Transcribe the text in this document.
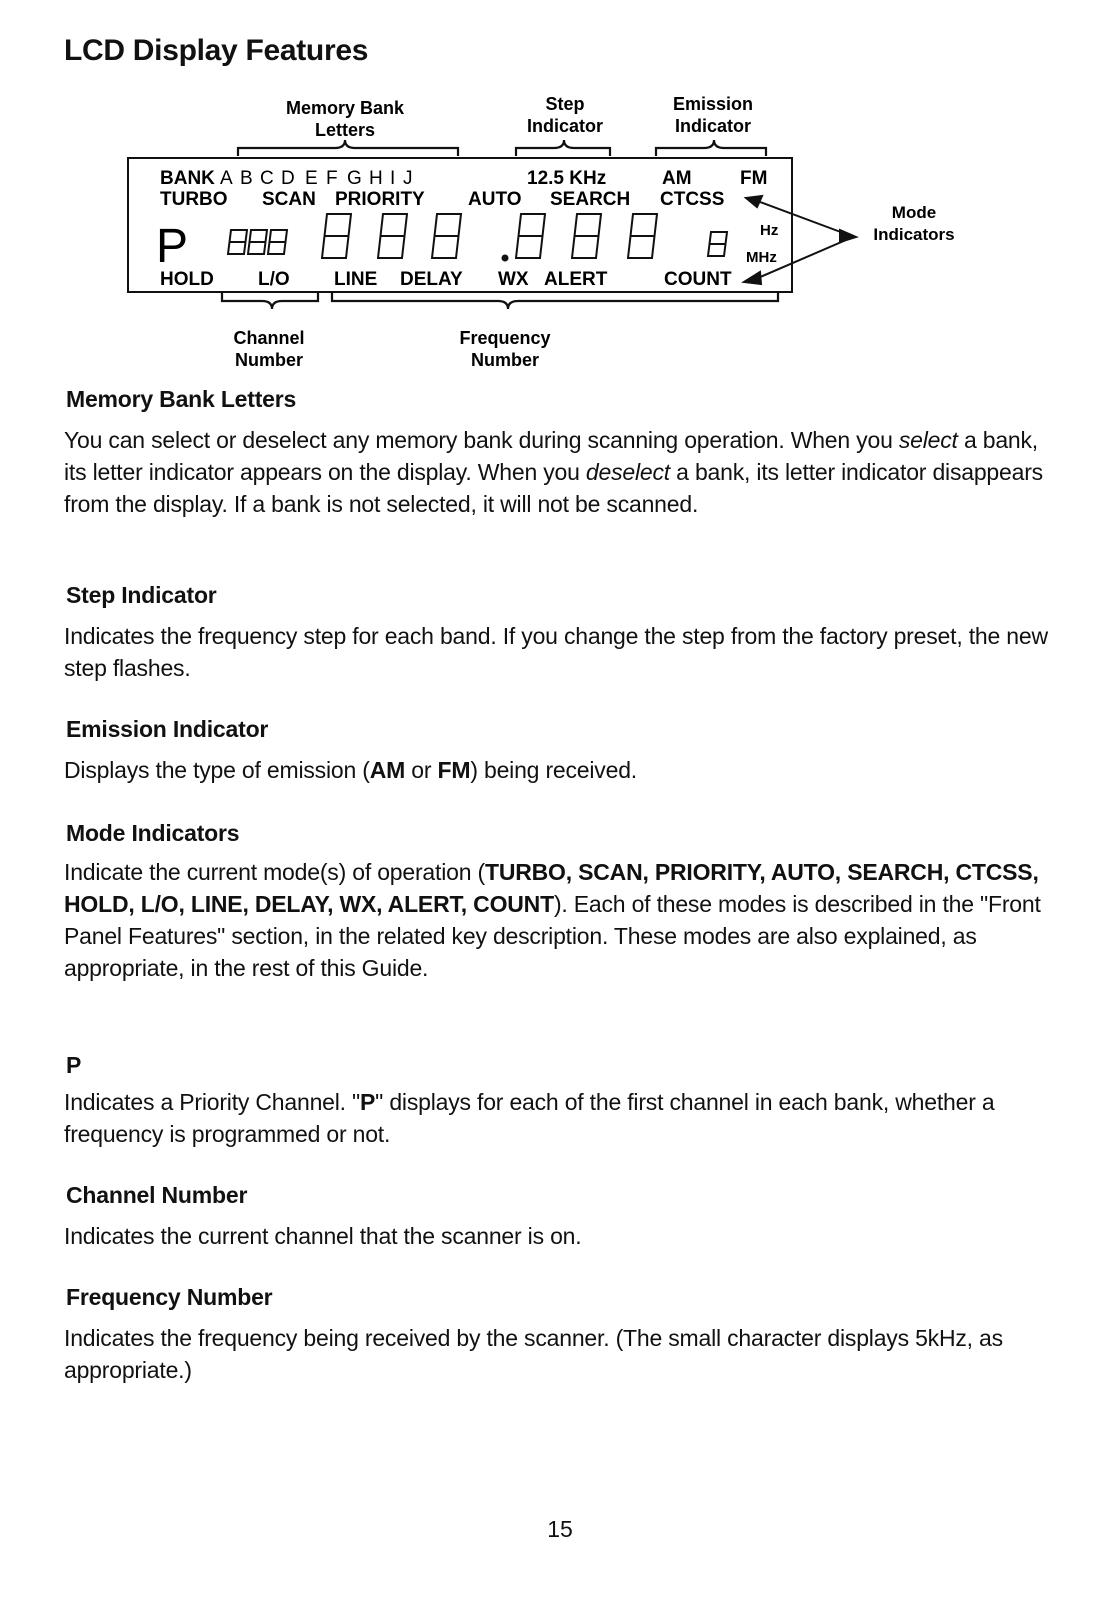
LCD Display Features
Memory Bank
Letters
Step
Indicator
Emission
Indicator
BANK A B C D E F G H I J	12.5 KHz	AM	FM
TURBO SCAN PRIORITY AUTO SEARCH CTCSS
P	Hz
MHz
HOLD L/O LINE DELAY WX ALERT	COUNT
Mode
Indicators
Channel
Number
Frequency
Number
Memory Bank Letters

You can select or deselect any memory bank during scanning operation. When you select a bank, its letter indicator appears on the display. When you deselect a bank, its letter indicator disappears from the display. If a bank is not selected, it will not be scanned.

Step Indicator

Indicates the frequency step for each band. If you change the step from the factory preset, the new step flashes.

Emission Indicator

Displays the type of emission (AM or FM) being received.

Mode Indicators

Indicate the current mode(s) of operation (TURBO, SCAN, PRIORITY, AUTO, SEARCH, CTCSS, HOLD, L/O, LINE, DELAY, WX, ALERT, COUNT). Each of these modes is described in the "Front Panel Features" section, in the related key description. These modes are also explained, as appropriate, in the rest of this Guide.

P

Indicates a Priority Channel. "P" displays for each of the first channel in each bank, whether a frequency is programmed or not.

Channel Number

Indicates the current channel that the scanner is on.

Frequency Number

Indicates the frequency being received by the scanner. (The small character displays 5kHz, as appropriate.)

15
